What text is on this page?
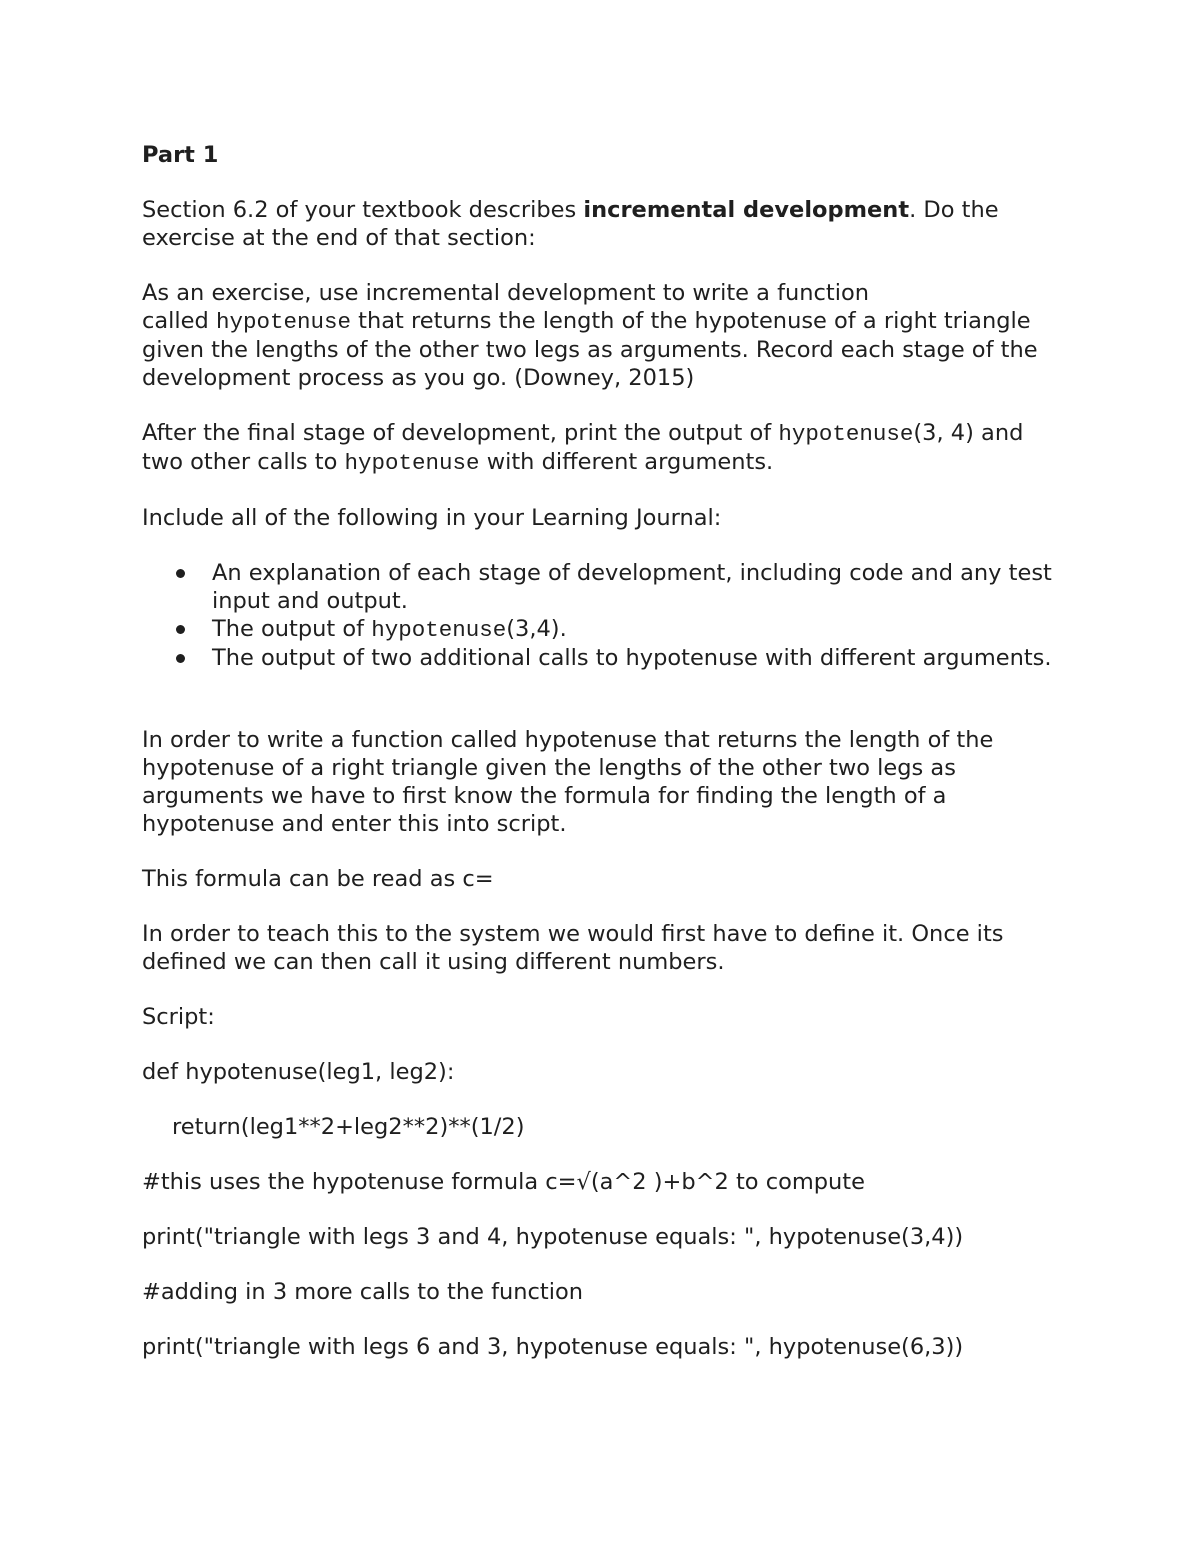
Part 1

Section 6.2 of your textbook describes incremental development. Do the exercise at the end of that section:

As an exercise, use incremental development to write a function
called hypotenuse that returns the length of the hypotenuse of a right triangle given the lengths of the other two legs as arguments. Record each stage of the development process as you go. (Downey, 2015)

After the final stage of development, print the output of hypotenuse(3, 4) and two other calls to hypotenuse with different arguments.

Include all of the following in your Learning Journal:

An explanation of each stage of development, including code and any test input and output.
The output of hypotenuse(3,4).
The output of two additional calls to hypotenuse with different arguments.

In order to write a function called hypotenuse that returns the length of the hypotenuse of a right triangle given the lengths of the other two legs as arguments we have to first know the formula for finding the length of a hypotenuse and enter this into script.

This formula can be read as c=

In order to teach this to the system we would first have to define it. Once its defined we can then call it using different numbers.

Script:

def hypotenuse(leg1, leg2):

return(leg1**2+leg2**2)**(1/2)

#this uses the hypotenuse formula c=√(a^2 )+b^2 to compute

print("triangle with legs 3 and 4, hypotenuse equals: ", hypotenuse(3,4))

#adding in 3 more calls to the function

print("triangle with legs 6 and 3, hypotenuse equals: ", hypotenuse(6,3))
